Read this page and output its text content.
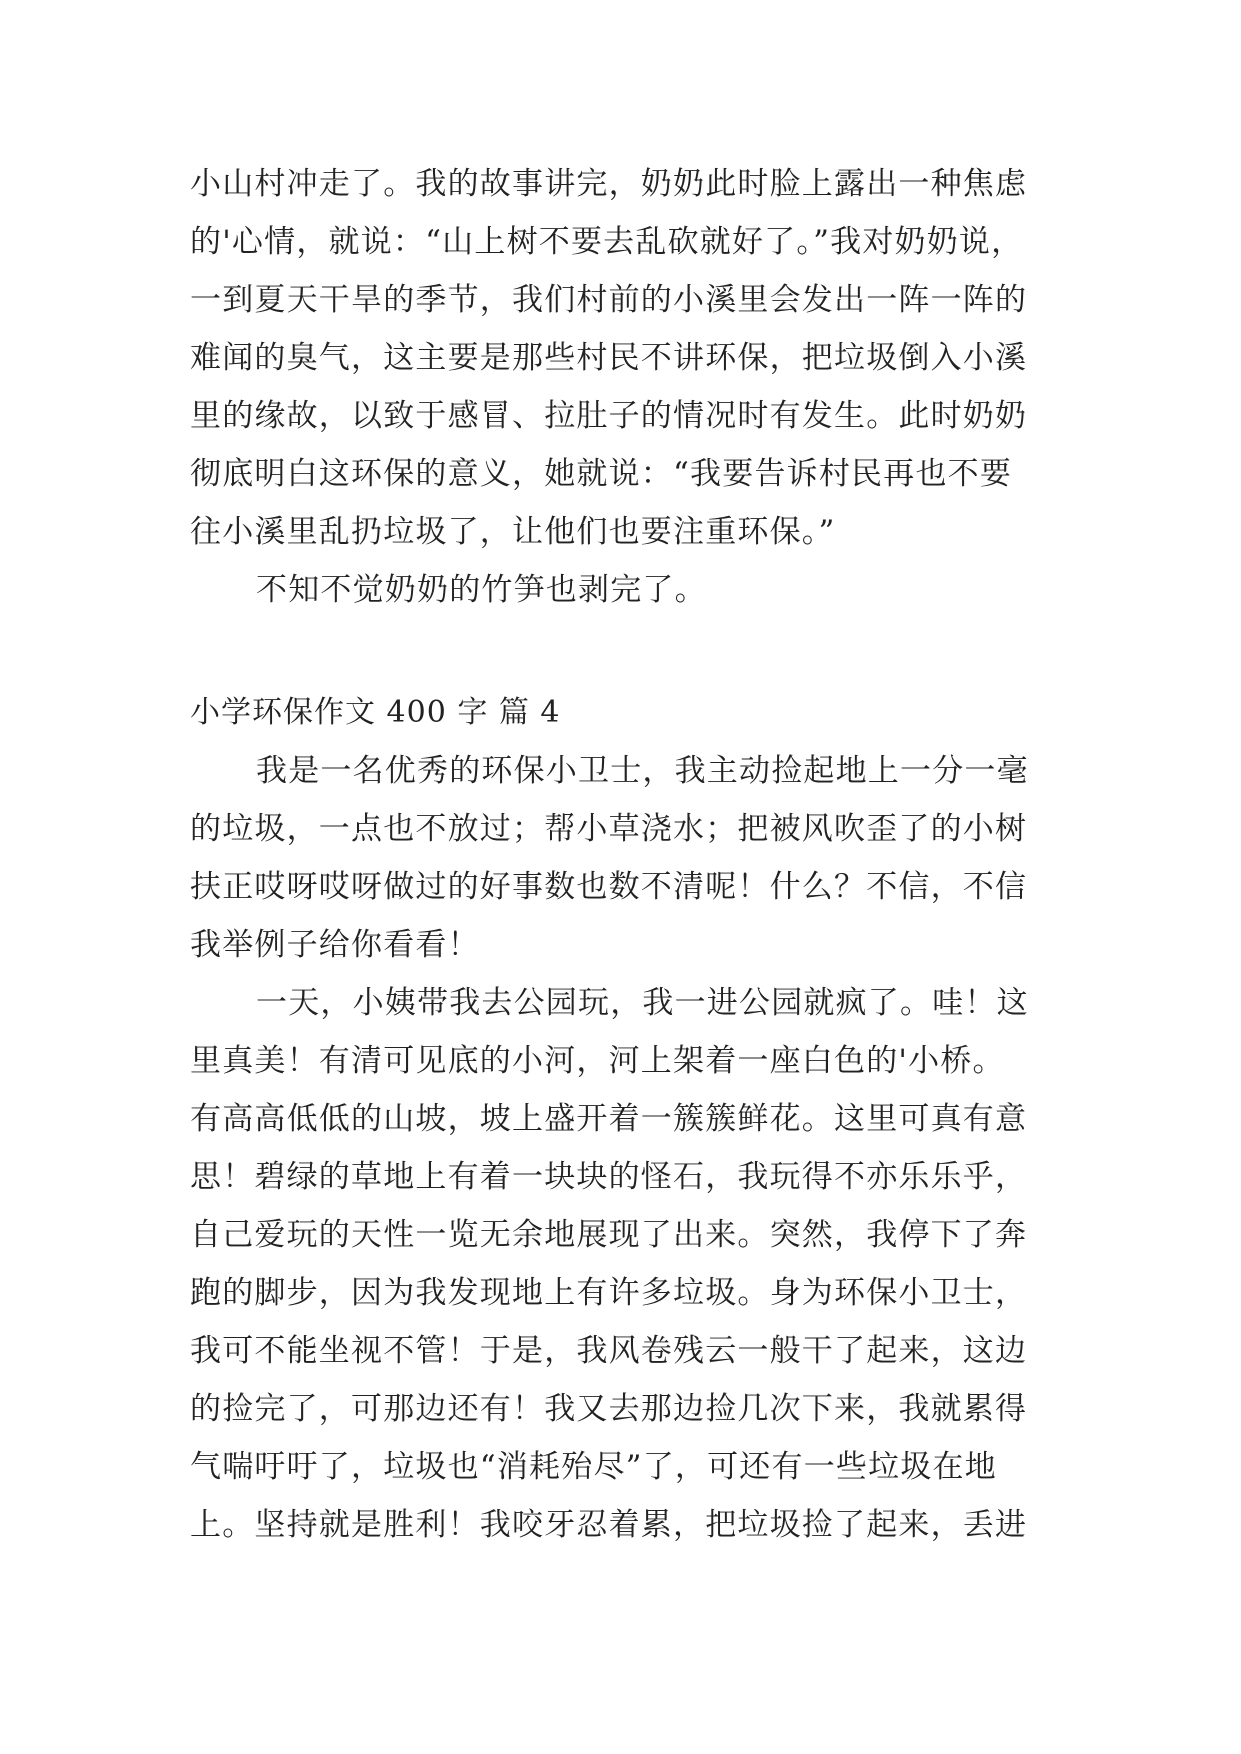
小山村冲走了。我的故事讲完，奶奶此时脸上露出一种焦虑
的'心情，就说：“山上树不要去乱砍就好了。”我对奶奶说，
一到夏天干旱的季节，我们村前的小溪里会发出一阵一阵的
难闻的臭气，这主要是那些村民不讲环保，把垃圾倒入小溪
里的缘故，以致于感冒、拉肚子的情况时有发生。此时奶奶
彻底明白这环保的意义，她就说：“我要告诉村民再也不要
往小溪里乱扔垃圾了，让他们也要注重环保。”
不知不觉奶奶的竹笋也剥完了。
小学环保作文 400 字 篇 4
我是一名优秀的环保小卫士，我主动捡起地上一分一毫
的垃圾，一点也不放过；帮小草浇水；把被风吹歪了的小树
扶正哎呀哎呀做过的好事数也数不清呢！什么？不信，不信
我举例子给你看看！
一天，小姨带我去公园玩，我一进公园就疯了。哇！这
里真美！有清可见底的小河，河上架着一座白色的'小桥。
有高高低低的山坡，坡上盛开着一簇簇鲜花。这里可真有意
思！碧绿的草地上有着一块块的怪石，我玩得不亦乐乐乎，
自己爱玩的天性一览无余地展现了出来。突然，我停下了奔
跑的脚步，因为我发现地上有许多垃圾。身为环保小卫士，
我可不能坐视不管！于是，我风卷残云一般干了起来，这边
的捡完了，可那边还有！我又去那边捡几次下来，我就累得
气喘吁吁了，垃圾也“消耗殆尽”了，可还有一些垃圾在地
上。坚持就是胜利！我咬牙忍着累，把垃圾捡了起来，丢进
